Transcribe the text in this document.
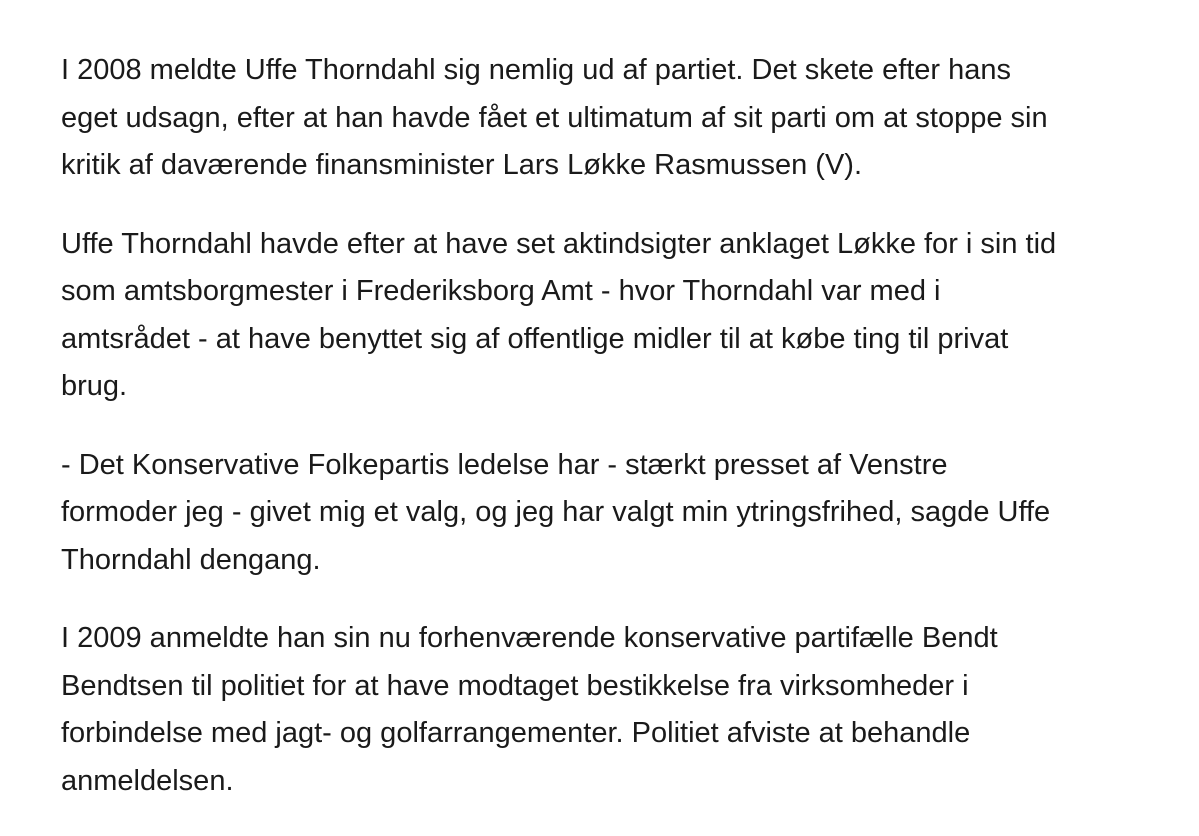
I 2008 meldte Uffe Thorndahl sig nemlig ud af partiet. Det skete efter hans
eget udsagn, efter at han havde fået et ultimatum af sit parti om at stoppe sin
kritik af daværende finansminister Lars Løkke Rasmussen (V).

Uffe Thorndahl havde efter at have set aktindsigter anklaget Løkke for i sin tid
som amtsborgmester i Frederiksborg Amt - hvor Thorndahl var med i
amtsrådet - at have benyttet sig af offentlige midler til at købe ting til privat
brug.

- Det Konservative Folkepartis ledelse har - stærkt presset af Venstre
formoder jeg - givet mig et valg, og jeg har valgt min ytringsfrihed, sagde Uffe
Thorndahl dengang.

I 2009 anmeldte han sin nu forhenværende konservative partifælle Bendt
Bendtsen til politiet for at have modtaget bestikkelse fra virksomheder i
forbindelse med jagt- og golfarrangementer. Politiet afviste at behandle
anmeldelsen.
